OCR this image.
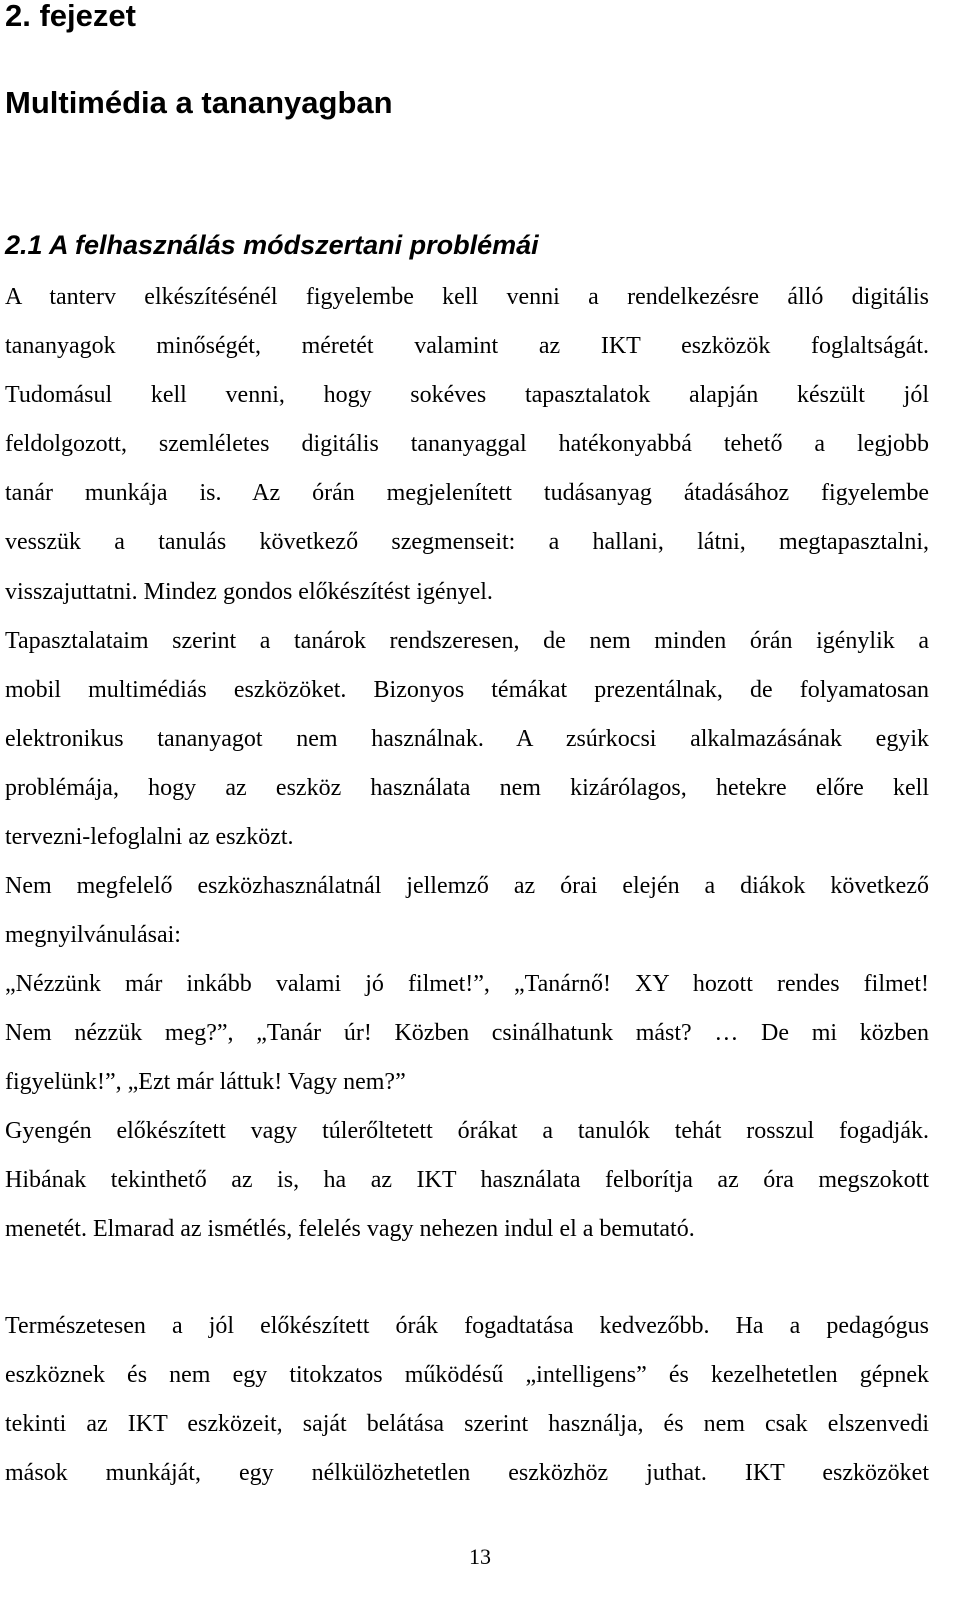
2. fejezet
Multimédia a tananyagban
2.1 A felhasználás módszertani problémái

A tanterv elkészítésénél figyelembe kell venni a rendelkezésre álló digitális
tananyagok minőségét, méretét valamint az IKT eszközök foglaltságát.
Tudomásul kell venni, hogy sokéves tapasztalatok alapján készült jól
feldolgozott, szemléletes digitális tananyaggal hatékonyabbá tehető a legjobb
tanár munkája is. Az órán megjelenített tudásanyag átadásához figyelembe
vesszük a tanulás következő szegmenseit: a hallani, látni, megtapasztalni,
visszajuttatni. Mindez gondos előkészítést igényel.

Tapasztalataim szerint a tanárok rendszeresen, de nem minden órán igénylik a
mobil multimédiás eszközöket. Bizonyos témákat prezentálnak, de folyamatosan
elektronikus tananyagot nem használnak. A zsúrkocsi alkalmazásának egyik
problémája, hogy az eszköz használata nem kizárólagos, hetekre előre kell
tervezni-lefoglalni az eszközt.

Nem megfelelő eszközhasználatnál jellemző az órai elején a diákok következő
megnyilvánulásai:

„Nézzünk már inkább valami jó filmet!”, „Tanárnő! XY hozott rendes filmet!
Nem nézzük meg?”, „Tanár úr! Közben csinálhatunk mást? … De mi közben
figyelünk!”, „Ezt már láttuk! Vagy nem?”

Gyengén előkészített vagy túlerőltetett órákat a tanulók tehát rosszul fogadják.
Hibának tekinthető az is, ha az IKT használata felborítja az óra megszokott
menetét. Elmarad az ismétlés, felelés vagy nehezen indul el a bemutató.

Természetesen a jól előkészített órák fogadtatása kedvezőbb. Ha a pedagógus
eszköznek és nem egy titokzatos működésű „intelligens” és kezelhetetlen gépnek
tekinti az IKT eszközeit, saját belátása szerint használja, és nem csak elszenvedi
mások munkáját, egy nélkülözhetetlen eszközhöz juthat. IKT eszközöket

13
